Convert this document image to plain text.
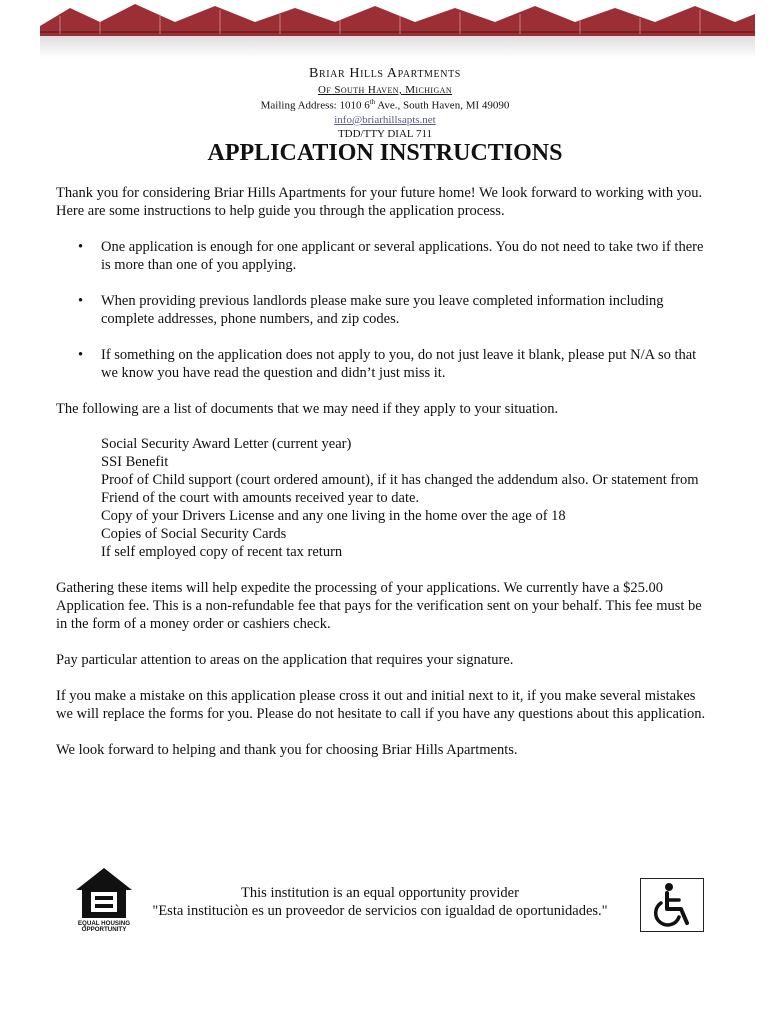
Briar Hills Apartments
Of South Haven, Michigan
Mailing Address: 1010 6th Ave., South Haven, MI 49090
info@briarhillsapts.net
TDD/TTY DIAL 711
APPLICATION INSTRUCTIONS

Thank you for considering Briar Hills Apartments for your future home! We look forward to working with you. Here are some instructions to help guide you through the application process.

• One application is enough for one applicant or several applications. You do not need to take two if there is more than one of you applying.
• When providing previous landlords please make sure you leave completed information including complete addresses, phone numbers, and zip codes.
• If something on the application does not apply to you, do not just leave it blank, please put N/A so that we know you have read the question and didn’t just miss it.

The following are a list of documents that we may need if they apply to your situation.

Social Security Award Letter (current year)
SSI Benefit
Proof of Child support (court ordered amount), if it has changed the addendum also. Or statement from Friend of the court with amounts received year to date.
Copy of your Drivers License and any one living in the home over the age of 18
Copies of Social Security Cards
If self employed copy of recent tax return

Gathering these items will help expedite the processing of your applications. We currently have a $25.00 Application fee. This is a non-refundable fee that pays for the verification sent on your behalf. This fee must be in the form of a money order or cashiers check.

Pay particular attention to areas on the application that requires your signature.

If you make a mistake on this application please cross it out and initial next to it, if you make several mistakes we will replace the forms for you. Please do not hesitate to call if you have any questions about this application.

We look forward to helping and thank you for choosing Briar Hills Apartments.

EQUAL HOUSING
OPPORTUNITY
This institution is an equal opportunity provider
"Esta instituciòn es un proveedor de servicios con igualdad de oportunidades."
